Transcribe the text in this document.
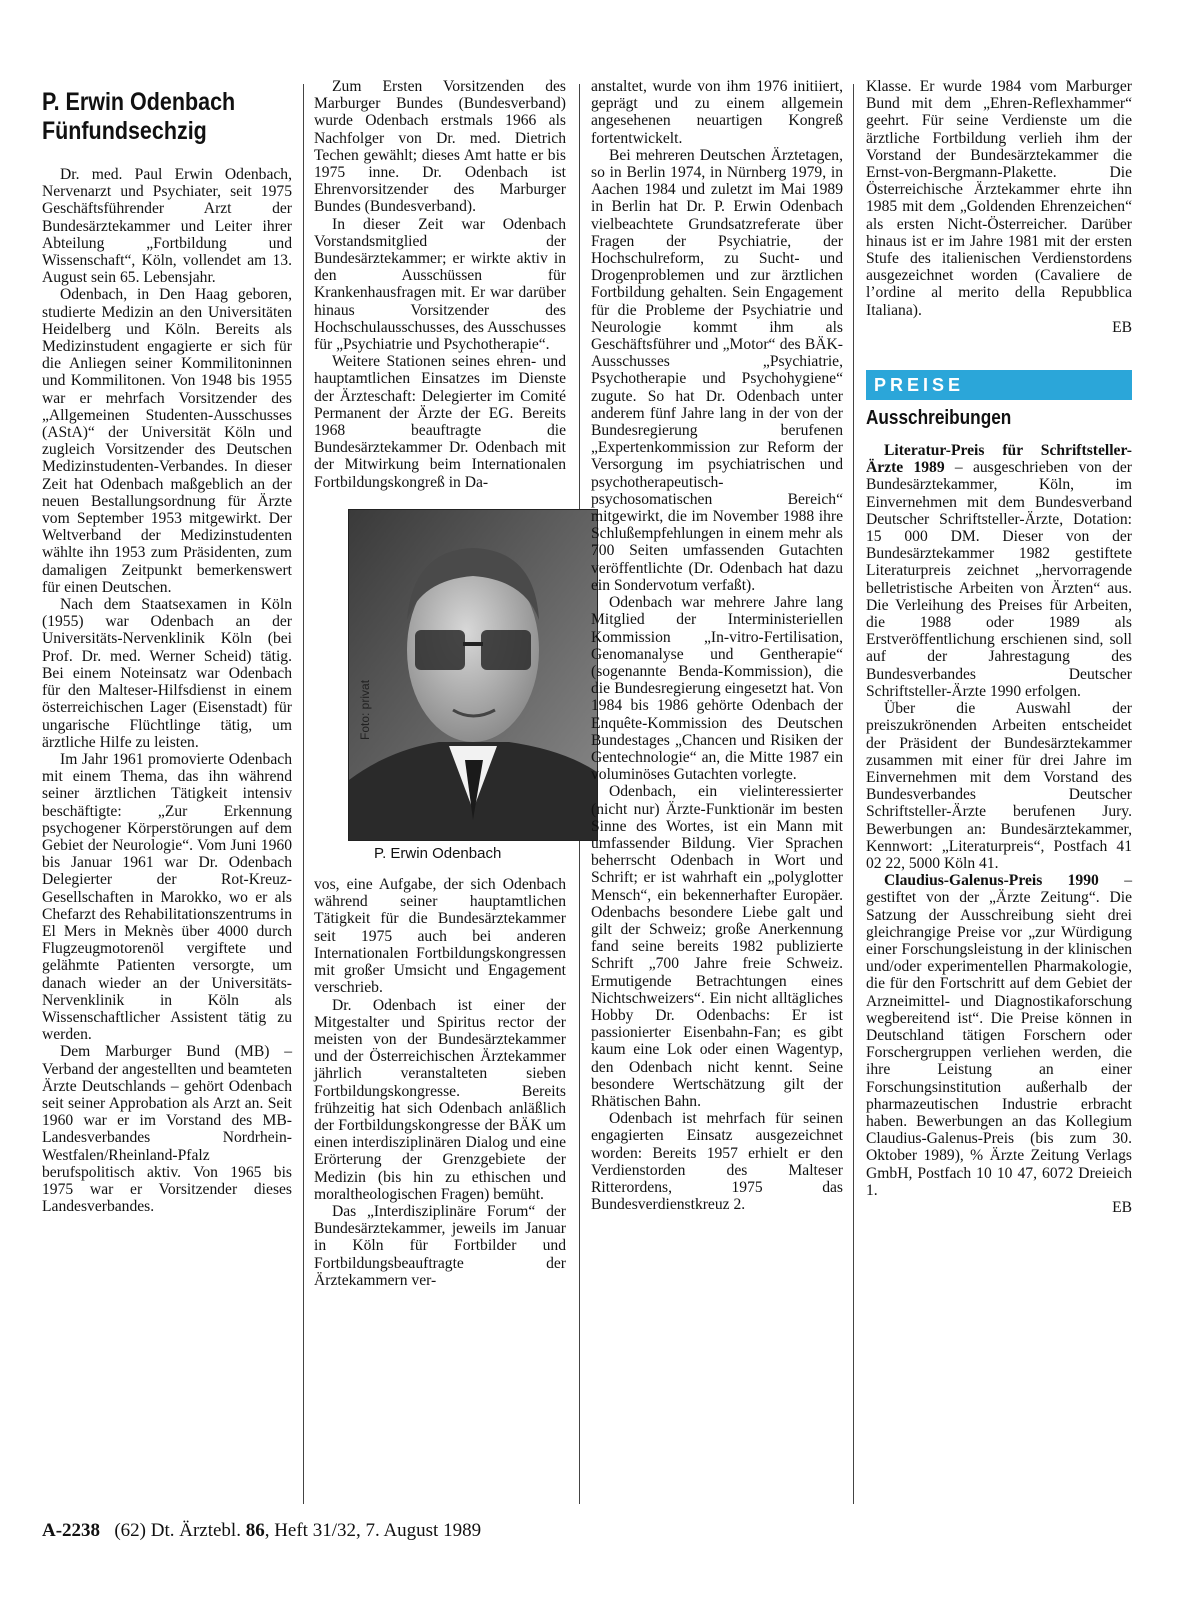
P. Erwin Odenbach
Fünfundsechzig

Dr. med. Paul Erwin Odenbach, Nervenarzt und Psychiater, seit 1975 Geschäftsführender Arzt der Bundesärztekammer und Leiter ihrer Abteilung „Fortbildung und Wissenschaft“, Köln, vollendet am 13. August sein 65. Lebensjahr.

Odenbach, in Den Haag geboren, studierte Medizin an den Universitäten Heidelberg und Köln. Bereits als Medizinstudent engagierte er sich für die Anliegen seiner Kommilitoninnen und Kommilitonen. Von 1948 bis 1955 war er mehrfach Vorsitzender des „Allgemeinen Studenten-Ausschusses (AStA)“ der Universität Köln und zugleich Vorsitzender des Deutschen Medizinstudenten-Verbandes. In dieser Zeit hat Odenbach maßgeblich an der neuen Bestallungsordnung für Ärzte vom September 1953 mitgewirkt. Der Weltverband der Medizinstudenten wählte ihn 1953 zum Präsidenten, zum damaligen Zeitpunkt bemerkenswert für einen Deutschen.

Nach dem Staatsexamen in Köln (1955) war Odenbach an der Universitäts-Nervenklinik Köln (bei Prof. Dr. med. Werner Scheid) tätig. Bei einem Noteinsatz war Odenbach für den Malteser-Hilfsdienst in einem österreichischen Lager (Eisenstadt) für ungarische Flüchtlinge tätig, um ärztliche Hilfe zu leisten.

Im Jahr 1961 promovierte Odenbach mit einem Thema, das ihn während seiner ärztlichen Tätigkeit intensiv beschäftigte: „Zur Erkennung psychogener Körperstörungen auf dem Gebiet der Neurologie“. Vom Juni 1960 bis Januar 1961 war Dr. Odenbach Delegierter der Rot-Kreuz-Gesellschaften in Marokko, wo er als Chefarzt des Rehabilitationszentrums in El Mers in Meknès über 4000 durch Flugzeugmotorenöl vergiftete und gelähmte Patienten versorgte, um danach wieder an der Universitäts-Nervenklinik in Köln als Wissenschaftlicher Assistent tätig zu werden.

Dem Marburger Bund (MB) – Verband der angestellten und beamteten Ärzte Deutschlands – gehört Odenbach seit seiner Approbation als Arzt an. Seit 1960 war er im Vorstand des MB-Landesverbandes Nordrhein-Westfalen/Rheinland-Pfalz berufspolitisch aktiv. Von 1965 bis 1975 war er Vorsitzender dieses Landesverbandes.

Zum Ersten Vorsitzenden des Marburger Bundes (Bundesverband) wurde Odenbach erstmals 1966 als Nachfolger von Dr. med. Dietrich Techen gewählt; dieses Amt hatte er bis 1975 inne. Dr. Odenbach ist Ehrenvorsitzender des Marburger Bundes (Bundesverband).

In dieser Zeit war Odenbach Vorstandsmitglied der Bundesärztekammer; er wirkte aktiv in den Ausschüssen für Krankenhausfragen mit. Er war darüber hinaus Vorsitzender des Hochschulausschusses, des Ausschusses für „Psychiatrie und Psychotherapie“.

Weitere Stationen seines ehren- und hauptamtlichen Einsatzes im Dienste der Ärzteschaft: Delegierter im Comité Permanent der Ärzte der EG. Bereits 1968 beauftragte die Bundesärztekammer Dr. Odenbach mit der Mitwirkung beim Internationalen Fortbildungskongreß in Da-

Foto: privat
P. Erwin Odenbach

vos, eine Aufgabe, der sich Odenbach während seiner hauptamtlichen Tätigkeit für die Bundesärztekammer seit 1975 auch bei anderen Internationalen Fortbildungskongressen mit großer Umsicht und Engagement verschrieb.

Dr. Odenbach ist einer der Mitgestalter und Spiritus rector der meisten von der Bundesärztekammer und der Österreichischen Ärztekammer jährlich veranstalteten sieben Fortbildungskongresse. Bereits frühzeitig hat sich Odenbach anläßlich der Fortbildungskongresse der BÄK um einen interdisziplinären Dialog und eine Erörterung der Grenzgebiete der Medizin (bis hin zu ethischen und moraltheologischen Fragen) bemüht.

Das „Interdisziplinäre Forum“ der Bundesärztekammer, jeweils im Januar in Köln für Fortbilder und Fortbildungsbeauftragte der Ärztekammern ver-

anstaltet, wurde von ihm 1976 initiiert, geprägt und zu einem allgemein angesehenen neuartigen Kongreß fortentwickelt.

Bei mehreren Deutschen Ärztetagen, so in Berlin 1974, in Nürnberg 1979, in Aachen 1984 und zuletzt im Mai 1989 in Berlin hat Dr. P. Erwin Odenbach vielbeachtete Grundsatzreferate über Fragen der Psychiatrie, der Hochschulreform, zu Sucht- und Drogenproblemen und zur ärztlichen Fortbildung gehalten. Sein Engagement für die Probleme der Psychiatrie und Neurologie kommt ihm als Geschäftsführer und „Motor“ des BÄK-Ausschusses „Psychiatrie, Psychotherapie und Psychohygiene“ zugute. So hat Dr. Odenbach unter anderem fünf Jahre lang in der von der Bundesregierung berufenen „Expertenkommission zur Reform der Versorgung im psychiatrischen und psychotherapeutisch-psychosomatischen Bereich“ mitgewirkt, die im November 1988 ihre Schlußempfehlungen in einem mehr als 700 Seiten umfassenden Gutachten veröffentlichte (Dr. Odenbach hat dazu ein Sondervotum verfaßt).

Odenbach war mehrere Jahre lang Mitglied der Interministeriellen Kommission „In-vitro-Fertilisation, Genomanalyse und Gentherapie“ (sogenannte Benda-Kommission), die die Bundesregierung eingesetzt hat. Von 1984 bis 1986 gehörte Odenbach der Enquête-Kommission des Deutschen Bundestages „Chancen und Risiken der Gentechnologie“ an, die Mitte 1987 ein voluminöses Gutachten vorlegte.

Odenbach, ein vielinteressierter (nicht nur) Ärzte-Funktionär im besten Sinne des Wortes, ist ein Mann mit umfassender Bildung. Vier Sprachen beherrscht Odenbach in Wort und Schrift; er ist wahrhaft ein „polyglotter Mensch“, ein bekennerhafter Europäer. Odenbachs besondere Liebe galt und gilt der Schweiz; große Anerkennung fand seine bereits 1982 publizierte Schrift „700 Jahre freie Schweiz. Ermutigende Betrachtungen eines Nichtschweizers“. Ein nicht alltägliches Hobby Dr. Odenbachs: Er ist passionierter Eisenbahn-Fan; es gibt kaum eine Lok oder einen Wagentyp, den Odenbach nicht kennt. Seine besondere Wertschätzung gilt der Rhätischen Bahn.

Odenbach ist mehrfach für seinen engagierten Einsatz ausgezeichnet worden: Bereits 1957 erhielt er den Verdienstorden des Malteser Ritterordens, 1975 das Bundesverdienstkreuz 2.

Klasse. Er wurde 1984 vom Marburger Bund mit dem „Ehren-Reflexhammer“ geehrt. Für seine Verdienste um die ärztliche Fortbildung verlieh ihm der Vorstand der Bundesärztekammer die Ernst-von-Bergmann-Plakette. Die Österreichische Ärztekammer ehrte ihn 1985 mit dem „Goldenden Ehrenzeichen“ als ersten Nicht-Österreicher. Darüber hinaus ist er im Jahre 1981 mit der ersten Stufe des italienischen Verdienstordens ausgezeichnet worden (Cavaliere de l’ordine al merito della Repubblica Italiana).

EB
PREISE
Ausschreibungen

Literatur-Preis für Schriftsteller-Ärzte 1989 – ausgeschrieben von der Bundesärztekammer, Köln, im Einvernehmen mit dem Bundesverband Deutscher Schriftsteller-Ärzte, Dotation: 15 000 DM. Dieser von der Bundesärztekammer 1982 gestiftete Literaturpreis zeichnet „hervorragende belletristische Arbeiten von Ärzten“ aus. Die Verleihung des Preises für Arbeiten, die 1988 oder 1989 als Erstveröffentlichung erschienen sind, soll auf der Jahrestagung des Bundesverbandes Deutscher Schriftsteller-Ärzte 1990 erfolgen.

Über die Auswahl der preiszukrönenden Arbeiten entscheidet der Präsident der Bundesärztekammer zusammen mit einer für drei Jahre im Einvernehmen mit dem Vorstand des Bundesverbandes Deutscher Schriftsteller-Ärzte berufenen Jury. Bewerbungen an: Bundesärztekammer, Kennwort: „Literaturpreis“, Postfach 41 02 22, 5000 Köln 41.

Claudius-Galenus-Preis 1990 – gestiftet von der „Ärzte Zeitung“. Die Satzung der Ausschreibung sieht drei gleichrangige Preise vor „zur Würdigung einer Forschungsleistung in der klinischen und/oder experimentellen Pharmakologie, die für den Fortschritt auf dem Gebiet der Arzneimittel- und Diagnostikaforschung wegbereitend ist“. Die Preise können in Deutschland tätigen Forschern oder Forschergruppen verliehen werden, die ihre Leistung an einer Forschungsinstitution außerhalb der pharmazeutischen Industrie erbracht haben. Bewerbungen an das Kollegium Claudius-Galenus-Preis (bis zum 30. Oktober 1989), % Ärzte Zeitung Verlags GmbH, Postfach 10 10 47, 6072 Dreieich 1.

EB
A-2238 (62) Dt. Ärztebl. 86, Heft 31/32, 7. August 1989
